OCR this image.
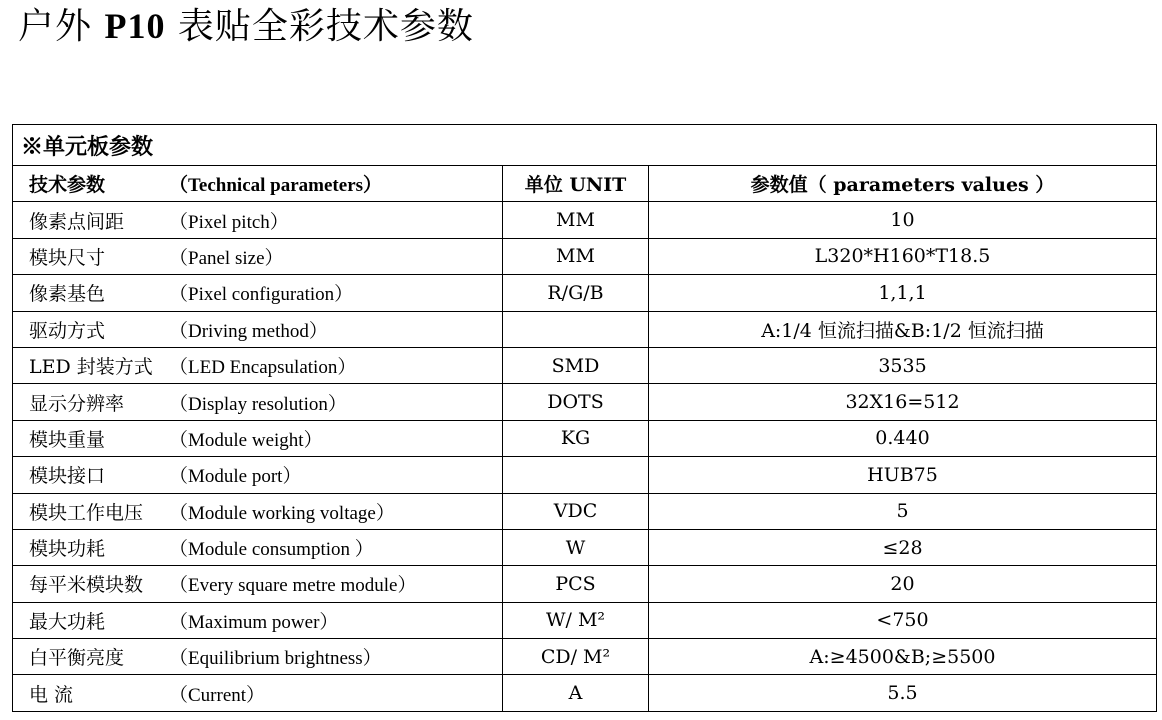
户外 P10 表贴全彩技术参数
※单元板参数		
技术参数 （Technical parameters）	单位 UNIT	参数值（ parameters values ）
像素点间距 （Pixel pitch）	MM	10
模块尺寸 （Panel size）	MM	L320*H160*T18.5
像素基色 （Pixel configuration）	R/G/B	1,1,1
驱动方式 （Driving method）		A:1/4 恒流扫描&B:1/2 恒流扫描
LED 封装方式 （LED Encapsulation）	SMD	3535
显示分辨率 （Display resolution）	DOTS	32X16=512
模块重量 （Module weight）	KG	0.440
模块接口 （Module port）		HUB75
模块工作电压 （Module working voltage）	VDC	5
模块功耗 （Module consumption ）	W	≤28
每平米模块数 （Every square metre module）	PCS	20
最大功耗 （Maximum power）	W/ M²	<750
白平衡亮度 （Equilibrium brightness）	CD/ M²	A:≥4500&B;≥5500
电 流 （Current）	A	5.5
